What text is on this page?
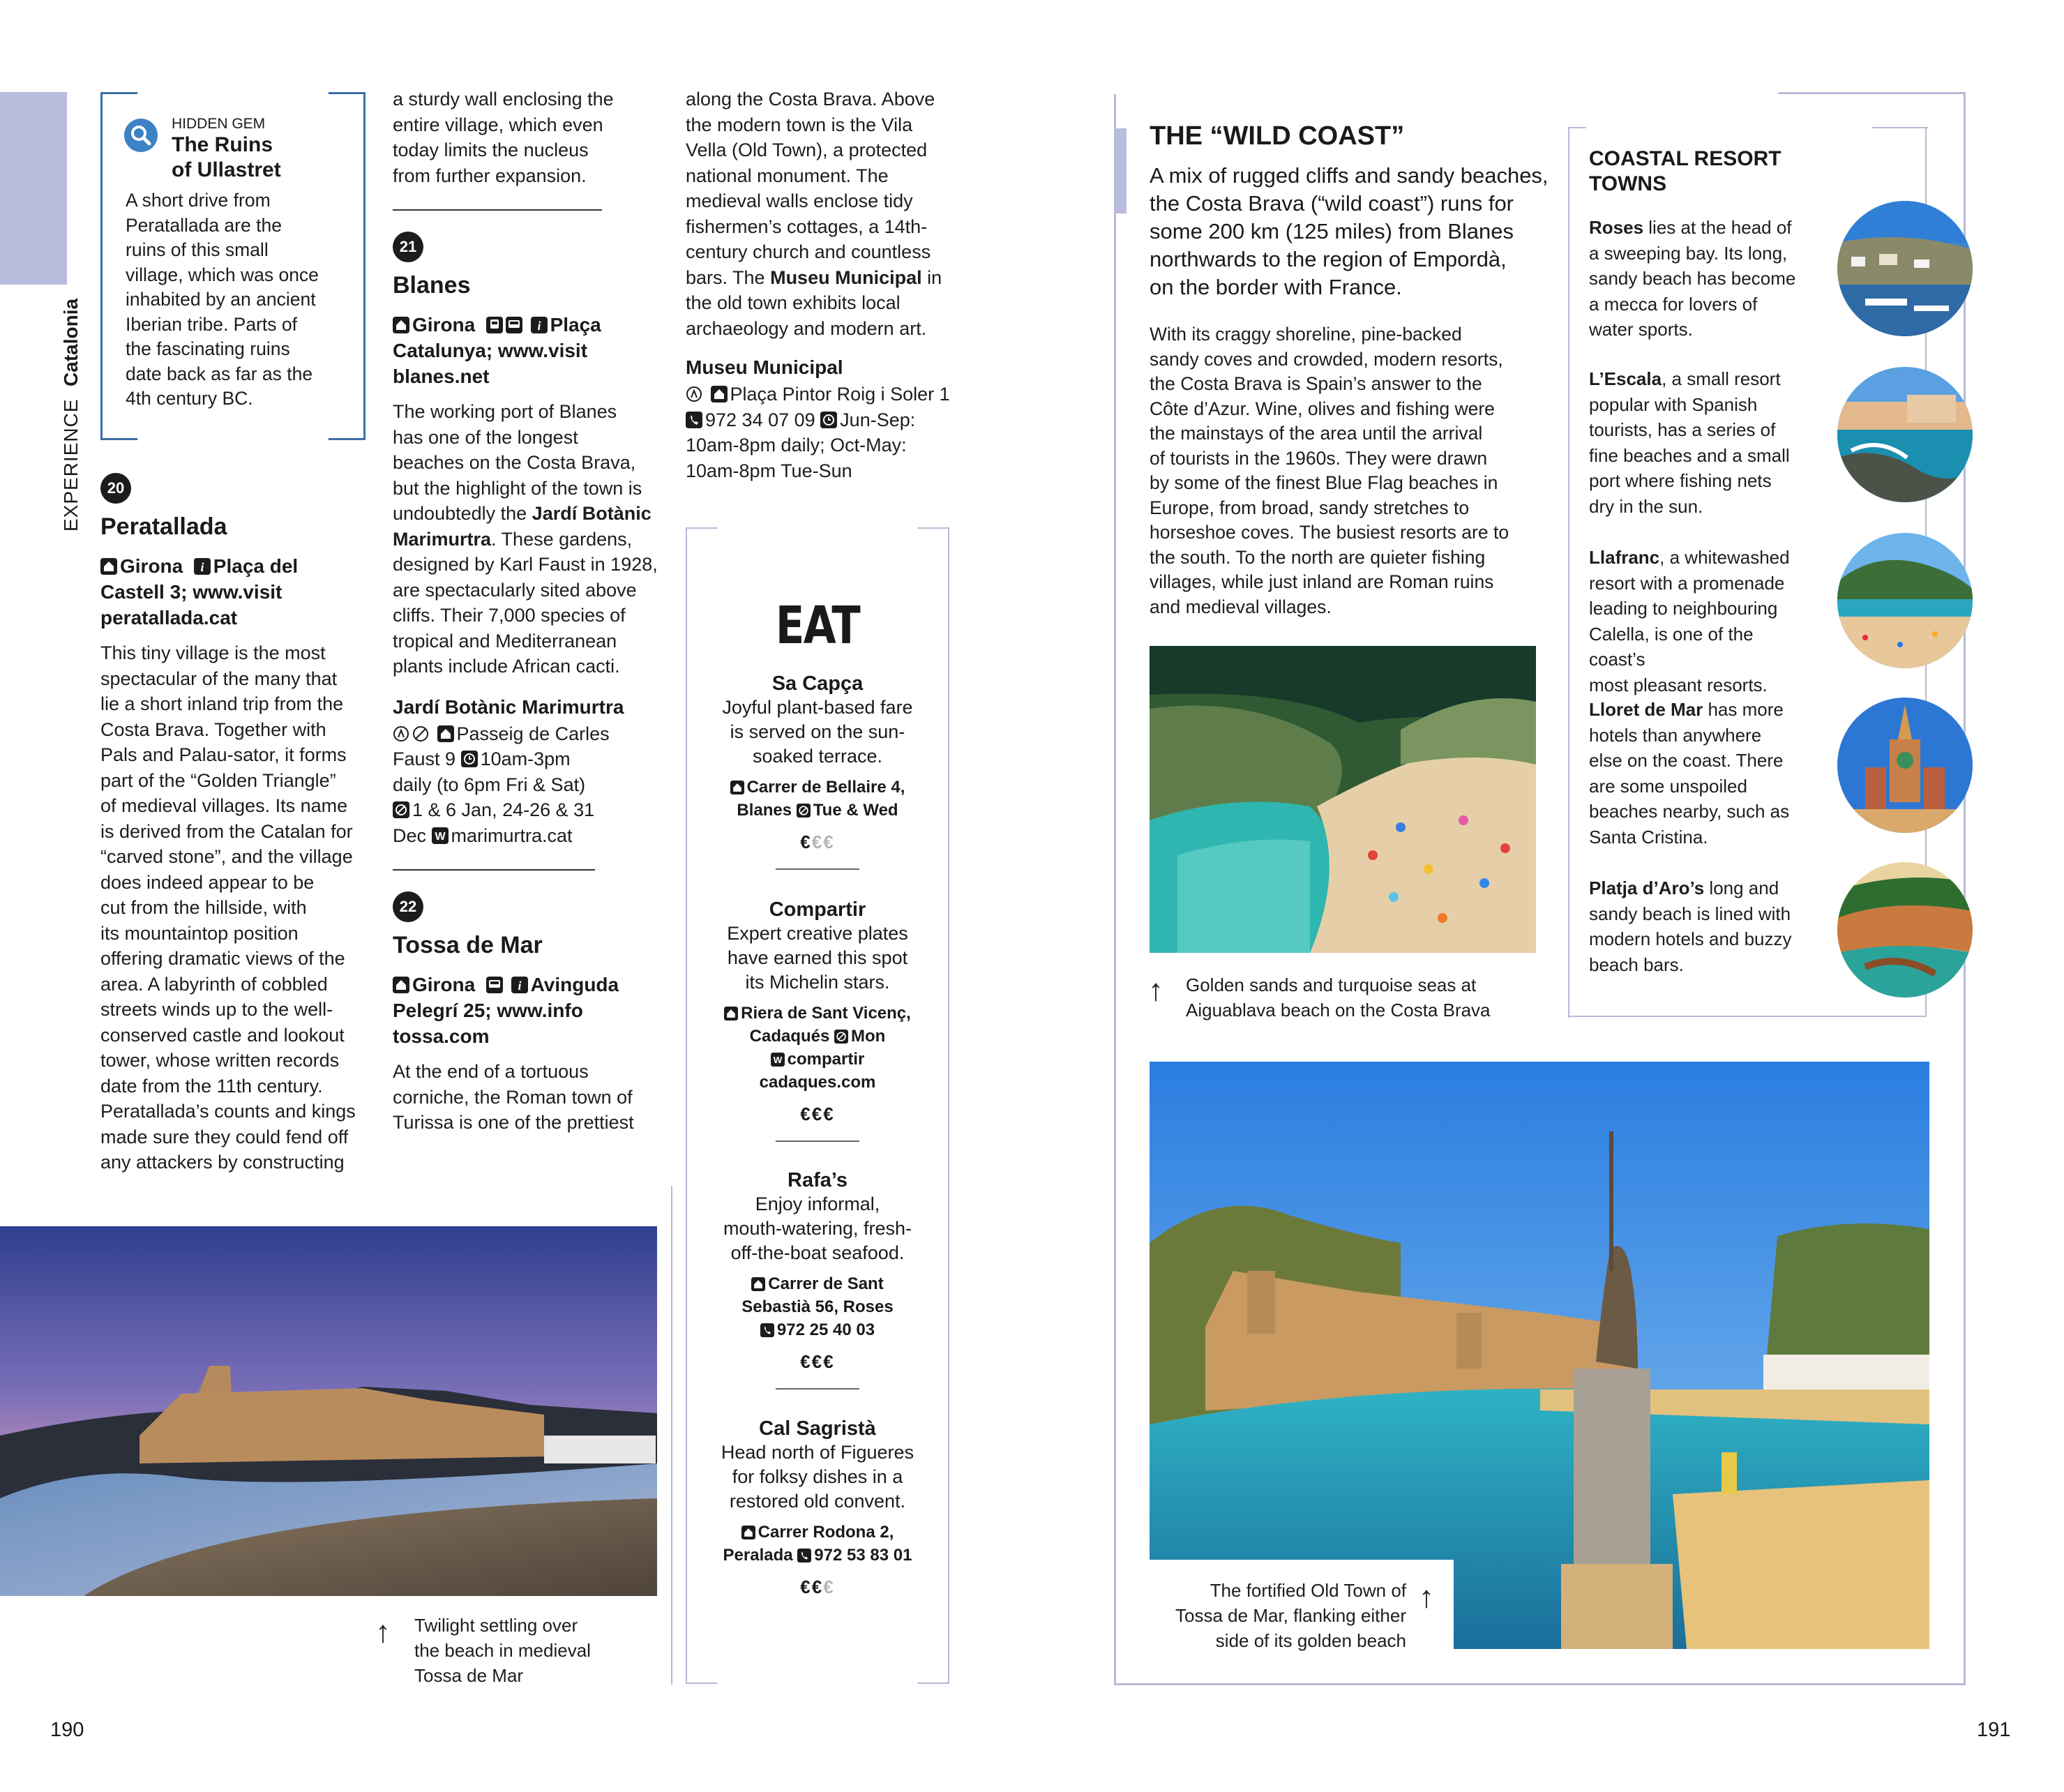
EXPERIENCE  Catalonia
HIDDEN GEM
The Ruins
of Ullastret
A short drive from
Peratallada are the
ruins of this small
village, which was once
inhabited by an ancient
Iberian tribe. Parts of
the fascinating ruins
date back as far as the
4th century BC.
20
Peratallada
Girona i Plaça del
Castell 3; www.visit
peratallada.cat
This tiny village is the most
spectacular of the many that
lie a short inland trip from the
Costa Brava. Together with
Pals and Palau-sator, it forms
part of the “Golden Triangle”
of medieval villages. Its name
is derived from the Catalan for
“carved stone”, and the village
does indeed appear to be
cut from the hillside, with
its mountaintop position
offering dramatic views of the
area. A labyrinth of cobbled
streets winds up to the well-
conserved castle and lookout
tower, whose written records
date from the 11th century.
Peratallada’s counts and kings
made sure they could fend off
any attackers by constructing
a sturdy wall enclosing the
entire village, which even
today limits the nucleus
from further expansion.
21
Blanes
Girona	i Plaça
Catalunya; www.visit
blanes.net
The working port of Blanes
has one of the longest
beaches on the Costa Brava,
but the highlight of the town is
undoubtedly the Jardí Botànic
Marimurtra. These gardens,
designed by Karl Faust in 1928,
are spectacularly sited above
cliffs. Their 7,000 species of
tropical and Mediterranean
plants include African cacti.
Jardí Botànic Marimurtra
Passeig de Carles
Faust 9 10am-3pm
daily (to 6pm Fri & Sat)
1 & 6 Jan, 24-26 & 31
Dec W marimurtra.cat
22
Tossa de Mar
Girona	i Avinguda
Pelegrí 25; www.info
tossa.com
At the end of a tortuous
corniche, the Roman town of
Turissa is one of the prettiest
along the Costa Brava. Above
the modern town is the Vila
Vella (Old Town), a protected
national monument. The
medieval walls enclose tidy
fishermen’s cottages, a 14th-
century church and countless
bars. The Museu Municipal in
the old town exhibits local
archaeology and modern art.
Museu Municipal
Plaça Pintor Roig i Soler 1
972 34 07 09 Jun-Sep:
10am-8pm daily; Oct-May:
10am-8pm Tue-Sun
EAT
Sa Capça
Joyful plant-based fare
is served on the sun-
soaked terrace.
Carrer de Bellaire 4,
Blanes Tue & Wed
€€€
Compartir
Expert creative plates
have earned this spot
its Michelin stars.
Riera de Sant Vicenç,
Cadaqués Mon
W compartir
cadaques.com
€€€
Rafa’s
Enjoy informal,
mouth-watering, fresh-
off-the-boat seafood.
Carrer de Sant
Sebastià 56, Roses
972 25 40 03
€€€
Cal Sagristà
Head north of Figueres
for folksy dishes in a
restored old convent.
Carrer Rodona 2,
Peralada 972 53 83 01
€€€
↑ Twilight settling over
the beach in medieval
Tossa de Mar
190
THE “WILD COAST”
A mix of rugged cliffs and sandy beaches,
the Costa Brava (“wild coast”) runs for
some 200 km (125 miles) from Blanes
northwards to the region of Empordà,
on the border with France.
With its craggy shoreline, pine-backed
sandy coves and crowded, modern resorts,
the Costa Brava is Spain’s answer to the
Côte d’Azur. Wine, olives and fishing were
the mainstays of the area until the arrival
of tourists in the 1960s. They were drawn
by some of the finest Blue Flag beaches in
Europe, from broad, sandy stretches to
horseshoe coves. The busiest resorts are to
the south. To the north are quieter fishing
villages, while just inland are Roman ruins
and medieval villages.
↑ Golden sands and turquoise seas at
Aiguablava beach on the Costa Brava
COASTAL RESORT
TOWNS
Roses lies at the head of
a sweeping bay. Its long,
sandy beach has become
a mecca for lovers of
water sports.
L’Escala, a small resort
popular with Spanish
tourists, has a series of
fine beaches and a small
port where fishing nets
dry in the sun.
Llafranc, a whitewashed
resort with a promenade
leading to neighbouring
Calella, is one of the coast’s
most pleasant resorts.
Lloret de Mar has more
hotels than anywhere
else on the coast. There
are some unspoiled
beaches nearby, such as
Santa Cristina.
Platja d’Aro’s long and
sandy beach is lined with
modern hotels and buzzy
beach bars.
The fortified Old Town of
Tossa de Mar, flanking either
side of its golden beach
↑
191
